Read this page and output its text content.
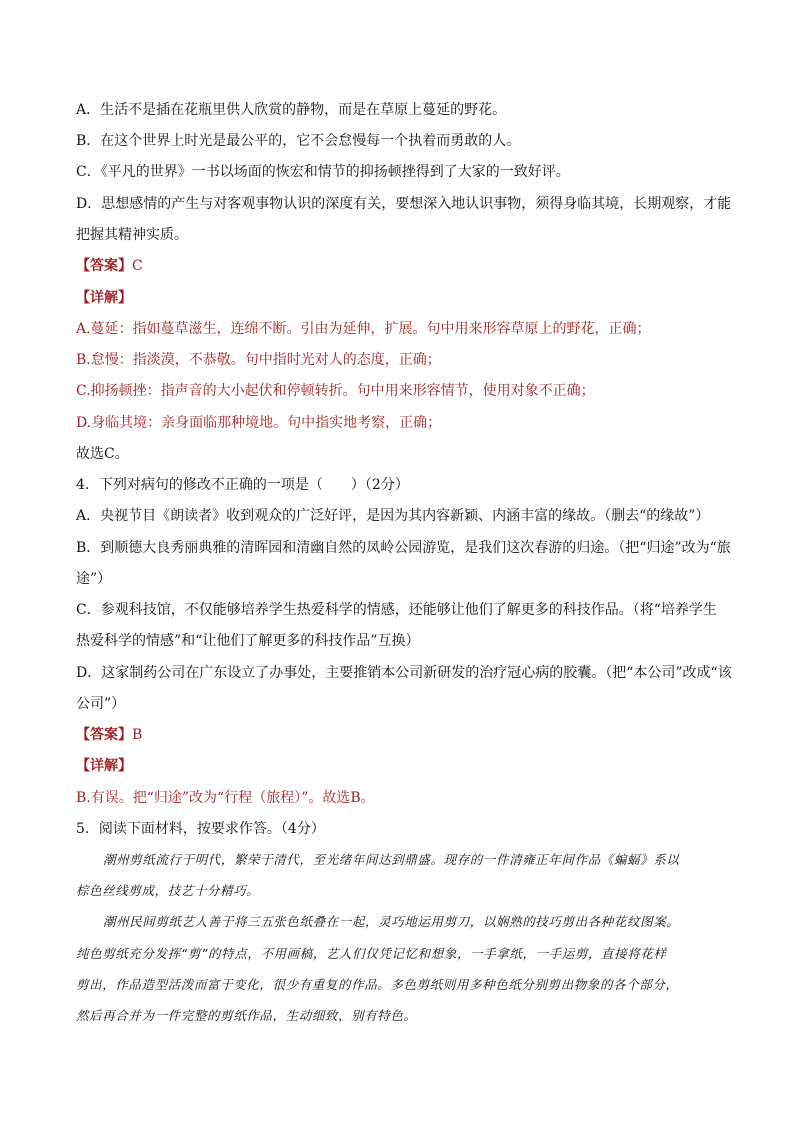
A．生活不是插在花瓶里供人欣赏的静物，而是在草原上蔓延的野花。
B．在这个世界上时光是最公平的，它不会怠慢每一个执着而勇敢的人。
C．《平凡的世界》一书以场面的恢宏和情节的抑扬顿挫得到了大家的一致好评。
D．思想感情的产生与对客观事物认识的深度有关，要想深入地认识事物，须得身临其境，长期观察，才能
把握其精神实质。
【答案】C
【详解】
A.蔓延：指如蔓草滋生，连绵不断。引由为延伸，扩展。句中用来形容草原上的野花，正确；
B.怠慢：指淡漠，不恭敬。句中指时光对人的态度，正确；
C.抑扬顿挫：指声音的大小起伏和停顿转折。句中用来形容情节，使用对象不正确；
D.身临其境：亲身面临那种境地。句中指实地考察，正确；
故选C。
4．下列对病句的修改不正确的一项是（　　）（2分）
A．央视节目《朗读者》收到观众的广泛好评，是因为其内容新颖、内涵丰富的缘故。（删去“的缘故”）
B．到顺德大良秀丽典雅的清晖园和清幽自然的凤岭公园游览，是我们这次春游的归途。（把“归途”改为“旅
途”）
C．参观科技馆，不仅能够培养学生热爱科学的情感，还能够让他们了解更多的科技作品。（将“培养学生
热爱科学的情感”和“让他们了解更多的科技作品”互换）
D．这家制药公司在广东设立了办事处，主要推销本公司新研发的治疗冠心病的胶囊。（把“本公司”改成“该
公司”）
【答案】B
【详解】
B.有误。把“归途”改为“行程（旅程）”。故选B。
5．阅读下面材料，按要求作答。（4分）
潮州剪纸流行于明代，繁荣于清代，至光绪年间达到鼎盛。现存的一件清雍正年间作品《蝙蝠》系以
棕色丝线剪成，技艺十分精巧。
潮州民间剪纸艺人善于将三五张色纸叠在一起，灵巧地运用剪刀，以娴熟的技巧剪出各种花纹图案。
纯色剪纸充分发挥“剪”的特点，不用画稿，艺人们仅凭记忆和想象，一手拿纸，一手运剪，直接将花样
剪出，作品造型活泼而富于变化，很少有重复的作品。多色剪纸则用多种色纸分别剪出物象的各个部分，
然后再合并为一件完整的剪纸作品，生动细致，别有特色。
